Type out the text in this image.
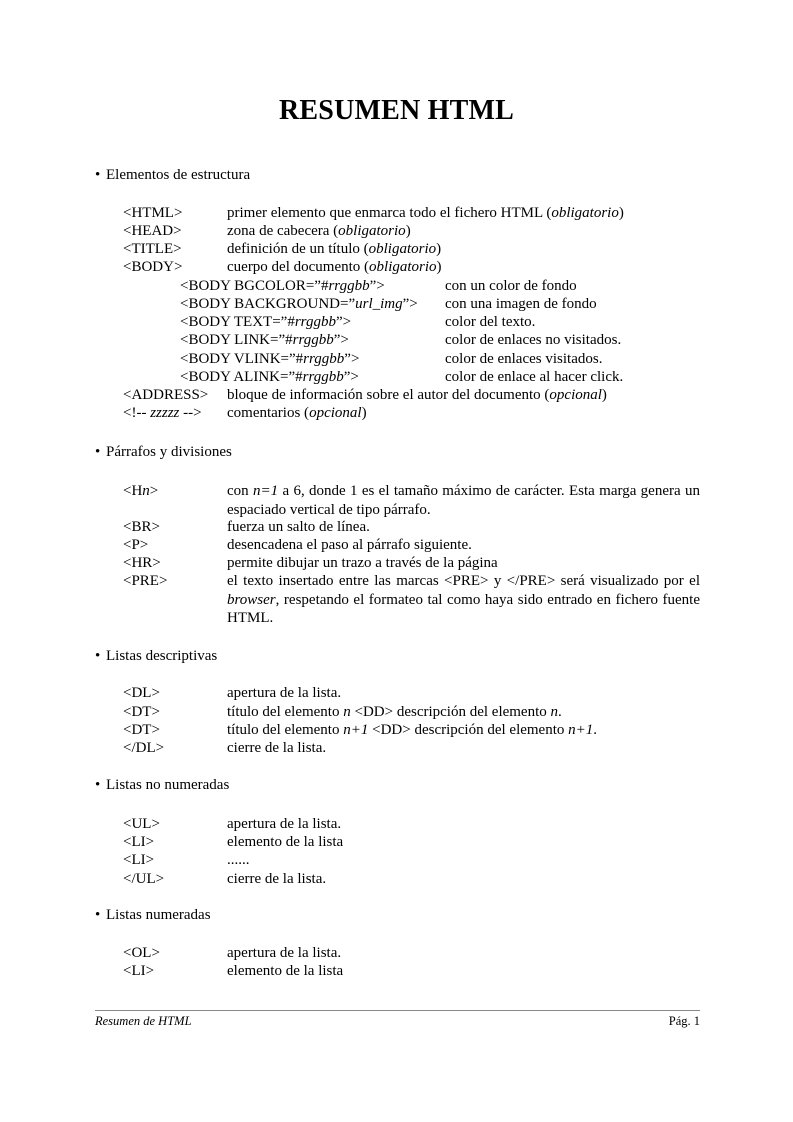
RESUMEN HTML
• Elementos de estructura
<HTML>	primer elemento que enmarca todo el fichero HTML (obligatorio)
<HEAD>	zona de cabecera (obligatorio)
<TITLE>	definición de un título (obligatorio)
<BODY>	cuerpo del documento (obligatorio)
<BODY BGCOLOR=”#rrggbb”>	con un color de fondo
<BODY BACKGROUND=”url_img”> con una imagen de fondo
<BODY TEXT=”#rrggbb”>	color del texto.
<BODY LINK=”#rrggbb”>	color de enlaces no visitados.
<BODY VLINK=”#rrggbb”>	color de enlaces visitados.
<BODY ALINK=”#rrggbb”>	color de enlace al hacer click.
<ADDRESS> bloque de información sobre el autor del documento (opcional)
<!-- zzzzz --> comentarios (opcional)
• Párrafos y divisiones
<Hn>	con n=1 a 6, donde 1 es el tamaño máximo de carácter. Esta marga genera un espaciado vertical de tipo párrafo.
<BR>	fuerza un salto de línea.
<P>	desencadena el paso al párrafo siguiente.
<HR>	permite dibujar un trazo a través de la página
<PRE>	el texto insertado entre las marcas <PRE> y </PRE> será visualizado por el browser, respetando el formateo tal como haya sido entrado en fichero fuente HTML.
• Listas descriptivas
<DL>	apertura de la lista.
<DT>	título del elemento n <DD> descripción del elemento n.
<DT>	título del elemento n+1 <DD> descripción del elemento n+1.
</DL>	cierre de la lista.
• Listas no numeradas
<UL>	apertura de la lista.
<LI>	elemento de la lista
<LI>	......
</UL>	cierre de la lista.
• Listas numeradas
<OL>	apertura de la lista.
<LI>	elemento de la lista
Resumen de HTML	Pág. 1
